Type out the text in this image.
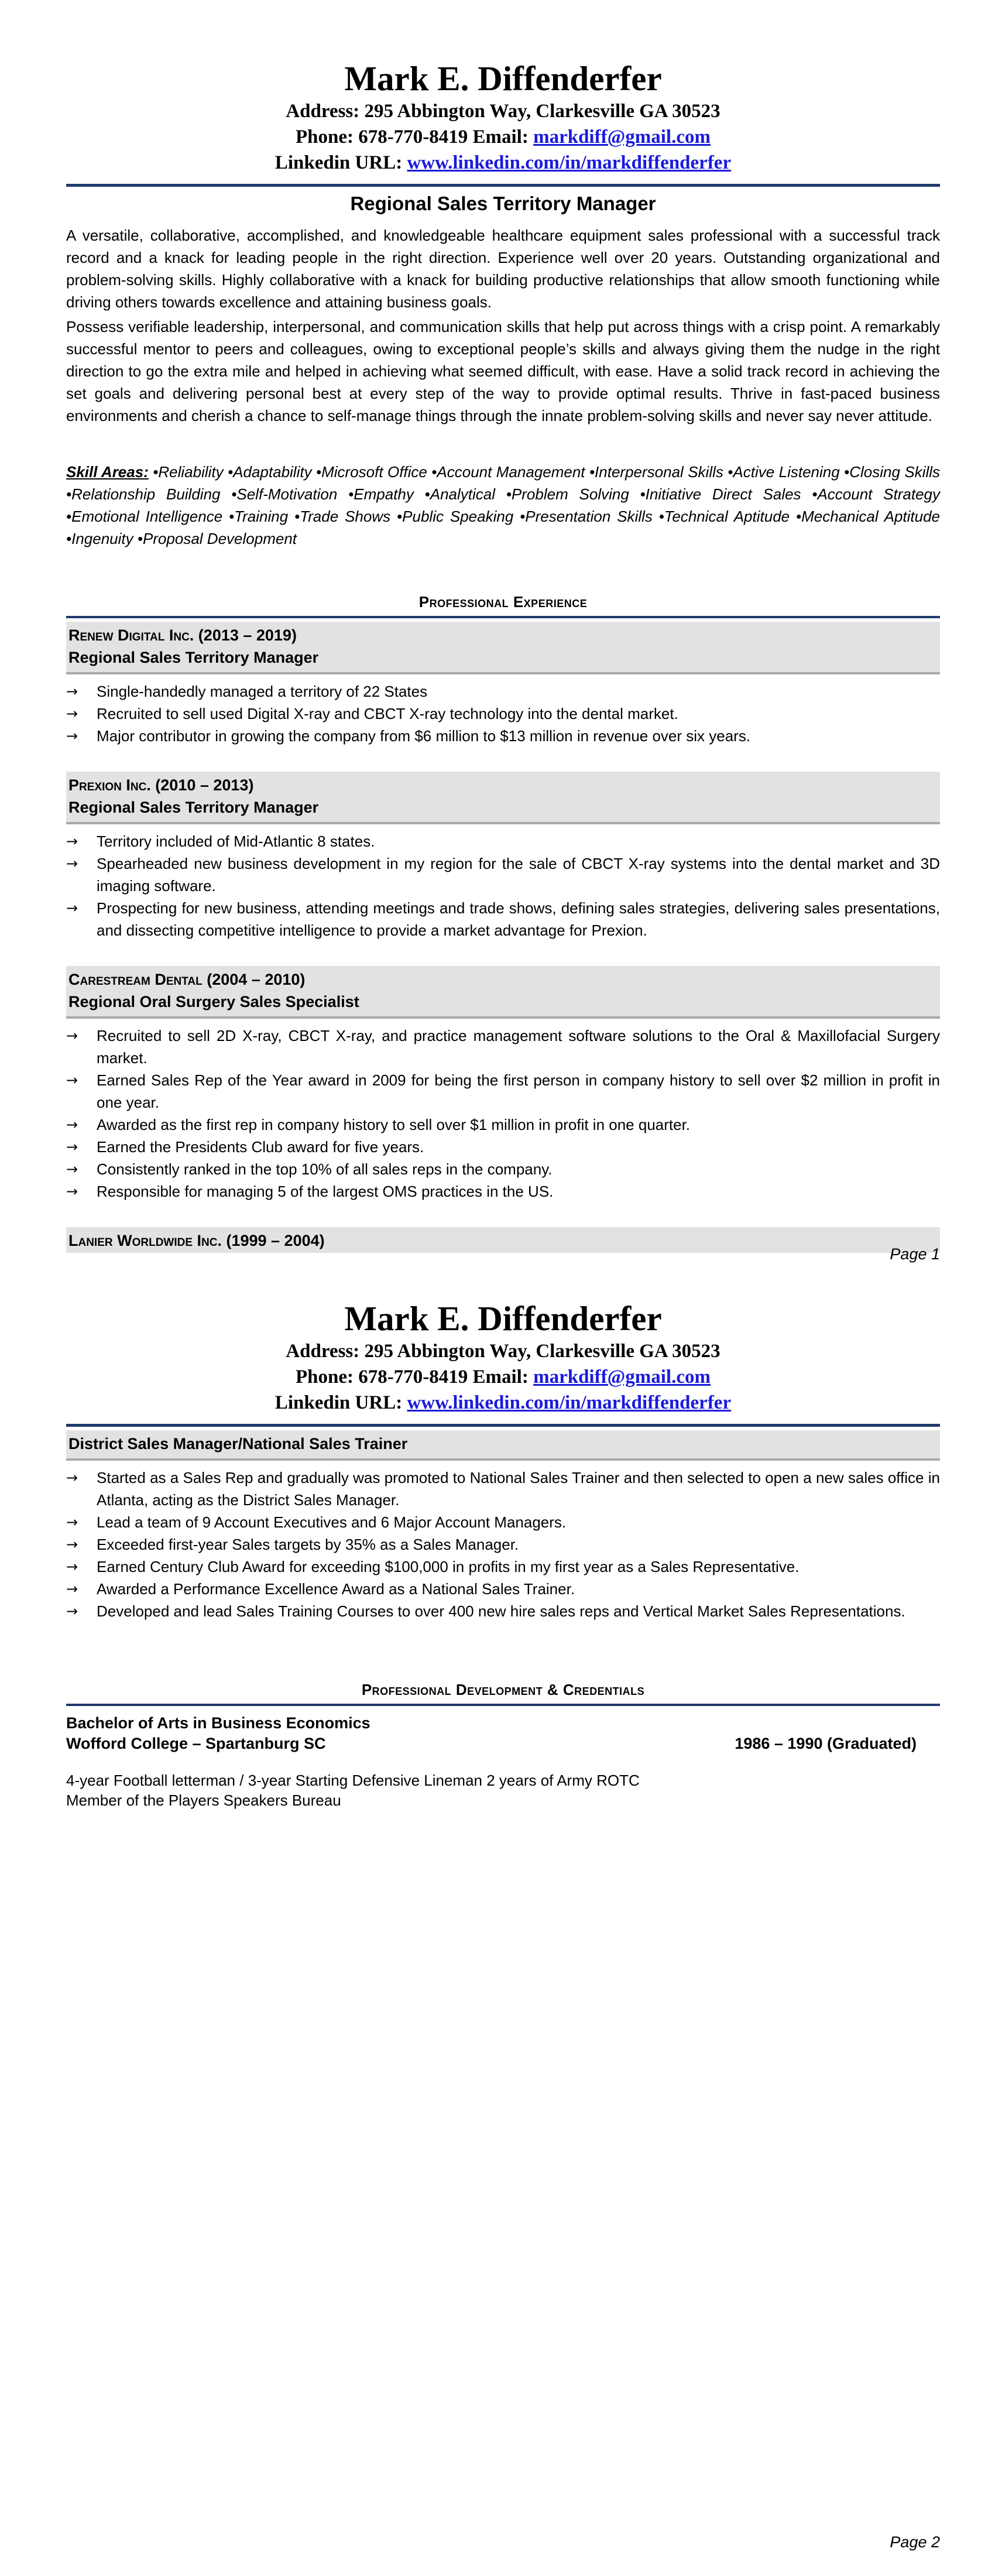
Mark E. Diffenderfer
Address: 295 Abbington Way, Clarkesville GA 30523
Phone: 678-770-8419 Email: markdiff@gmail.com
Linkedin URL: www.linkedin.com/in/markdiffenderfer
Regional Sales Territory Manager

A versatile, collaborative, accomplished, and knowledgeable healthcare equipment sales professional with a successful track record and a knack for leading people in the right direction. Experience well over 20 years. Outstanding organizational and problem-solving skills. Highly collaborative with a knack for building productive relationships that allow smooth functioning while driving others towards excellence and attaining business goals.

Possess verifiable leadership, interpersonal, and communication skills that help put across things with a crisp point. A remarkably successful mentor to peers and colleagues, owing to exceptional people’s skills and always giving them the nudge in the right direction to go the extra mile and helped in achieving what seemed difficult, with ease. Have a solid track record in achieving the set goals and delivering personal best at every step of the way to provide optimal results. Thrive in fast-paced business environments and cherish a chance to self-manage things through the innate problem-solving skills and never say never attitude.

Skill Areas: •Reliability •Adaptability •Microsoft Office •Account Management •Interpersonal Skills •Active Listening •Closing Skills •Relationship Building •Self-Motivation •Empathy •Analytical •Problem Solving •Initiative Direct Sales •Account Strategy •Emotional Intelligence •Training •Trade Shows •Public Speaking •Presentation Skills •Technical Aptitude •Mechanical Aptitude •Ingenuity •Proposal Development
Professional Experience
Renew Digital Inc. (2013 – 2019)
Regional Sales Territory Manager
→ Single-handedly managed a territory of 22 States
→ Recruited to sell used Digital X-ray and CBCT X-ray technology into the dental market.
→ Major contributor in growing the company from $6 million to $13 million in revenue over six years.
Prexion Inc. (2010 – 2013)
Regional Sales Territory Manager
→ Territory included of Mid-Atlantic 8 states.
→ Spearheaded new business development in my region for the sale of CBCT X-ray systems into the dental market and 3D imaging software.
→ Prospecting for new business, attending meetings and trade shows, defining sales strategies, delivering sales presentations, and dissecting competitive intelligence to provide a market advantage for Prexion.
Carestream Dental (2004 – 2010)
Regional Oral Surgery Sales Specialist
→ Recruited to sell 2D X-ray, CBCT X-ray, and practice management software solutions to the Oral & Maxillofacial Surgery market.
→ Earned Sales Rep of the Year award in 2009 for being the first person in company history to sell over $2 million in profit in one year.
→ Awarded as the first rep in company history to sell over $1 million in profit in one quarter.
→ Earned the Presidents Club award for five years.
→ Consistently ranked in the top 10% of all sales reps in the company.
→ Responsible for managing 5 of the largest OMS practices in the US.
Lanier Worldwide Inc. (1999 – 2004)
Page 1
Mark E. Diffenderfer
Address: 295 Abbington Way, Clarkesville GA 30523
Phone: 678-770-8419 Email: markdiff@gmail.com
Linkedin URL: www.linkedin.com/in/markdiffenderfer
District Sales Manager/National Sales Trainer
→ Started as a Sales Rep and gradually was promoted to National Sales Trainer and then selected to open a new sales office in Atlanta, acting as the District Sales Manager.
→ Lead a team of 9 Account Executives and 6 Major Account Managers.
→ Exceeded first-year Sales targets by 35% as a Sales Manager.
→ Earned Century Club Award for exceeding $100,000 in profits in my first year as a Sales Representative.
→ Awarded a Performance Excellence Award as a National Sales Trainer.
→ Developed and lead Sales Training Courses to over 400 new hire sales reps and Vertical Market Sales Representations.
Professional Development & Credentials
Bachelor of Arts in Business Economics
Wofford College – Spartanburg SC	1986 – 1990 (Graduated)
4-year Football letterman / 3-year Starting Defensive Lineman 2 years of Army ROTC
Member of the Players Speakers Bureau
Page 2
